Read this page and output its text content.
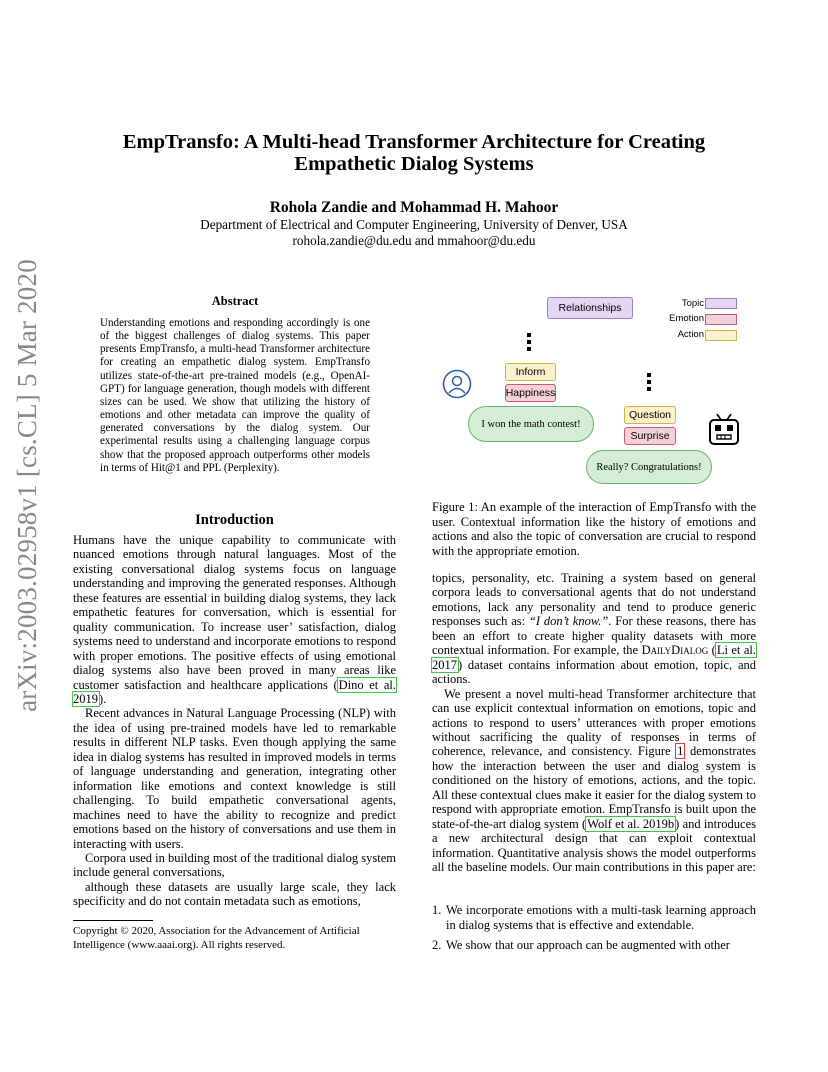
arXiv:2003.02958v1 [cs.CL] 5 Mar 2020
EmpTransfo: A Multi-head Transformer Architecture for Creating Empathetic Dialog Systems
Rohola Zandie and Mohammad H. Mahoor
Department of Electrical and Computer Engineering, University of Denver, USA
rohola.zandie@du.edu and mmahoor@du.edu
Abstract
Understanding emotions and responding accordingly is one of the biggest challenges of dialog systems. This paper presents EmpTransfo, a multi-head Transformer architecture for creating an empathetic dialog system. EmpTransfo utilizes state-of-the-art pre-trained models (e.g., OpenAI-GPT) for language generation, though models with different sizes can be used. We show that utilizing the history of emotions and other metadata can improve the quality of generated conversations by the dialog system. Our experimental results using a challenging language corpus show that the proposed approach outperforms other models in terms of Hit@1 and PPL (Perplexity).
Introduction

Humans have the unique capability to communicate with nuanced emotions through natural languages. Most of the existing conversational dialog systems focus on language understanding and improving the generated responses. Although these features are essential in building dialog systems, they lack empathetic features for conversation, which is essential for quality communication. To increase user’ satisfaction, dialog systems need to understand and incorporate emotions to respond with proper emotions. The positive effects of using emotional dialog systems also have been proved in many areas like customer satisfaction and healthcare applications (Dino et al. 2019).

Recent advances in Natural Language Processing (NLP) with the idea of using pre-trained models have led to remarkable results in different NLP tasks. Even though applying the same idea in dialog systems has resulted in improved models in terms of language understanding and generation, integrating other information like emotions and context knowledge is still challenging. To build empathetic conversational agents, machines need to have the ability to recognize and predict emotions based on the history of conversations and use them in interacting with users.

Corpora used in building most of the traditional dialog system include general conversations,

although these datasets are usually large scale, they lack specificity and do not contain metadata such as emotions,

Copyright © 2020, Association for the Advancement of Artificial Intelligence (www.aaai.org). All rights reserved.
Topic
Emotion
Action
Relationships
Inform
Happiness
I won the math contest!
Question
Surprise
Really? Congratulations!
Figure 1: An example of the interaction of EmpTransfo with the user. Contextual information like the history of emotions and actions and also the topic of conversation are crucial to respond with the appropriate emotion.

topics, personality, etc. Training a system based on general corpora leads to conversational agents that do not understand emotions, lack any personality and tend to produce generic responses such as: “I don’t know.”. For these reasons, there has been an effort to create higher quality datasets with more contextual information. For example, the DailyDialog (Li et al. 2017) dataset contains information about emotion, topic, and actions.

We present a novel multi-head Transformer architecture that can use explicit contextual information on emotions, topic and actions to respond to users’ utterances with proper emotions without sacrificing the quality of responses in terms of coherence, relevance, and consistency. Figure 1 demonstrates how the interaction between the user and dialog system is conditioned on the history of emotions, actions, and the topic. All these contextual clues make it easier for the dialog system to respond with appropriate emotion. EmpTransfo is built upon the state-of-the-art dialog system (Wolf et al. 2019b) and introduces a new architectural design that can exploit contextual information. Quantitative analysis shows the model outperforms all the baseline models. Our main contributions in this paper are:

1. We incorporate emotions with a multi-task learning approach in dialog systems that is effective and extendable.
2. We show that our approach can be augmented with other
